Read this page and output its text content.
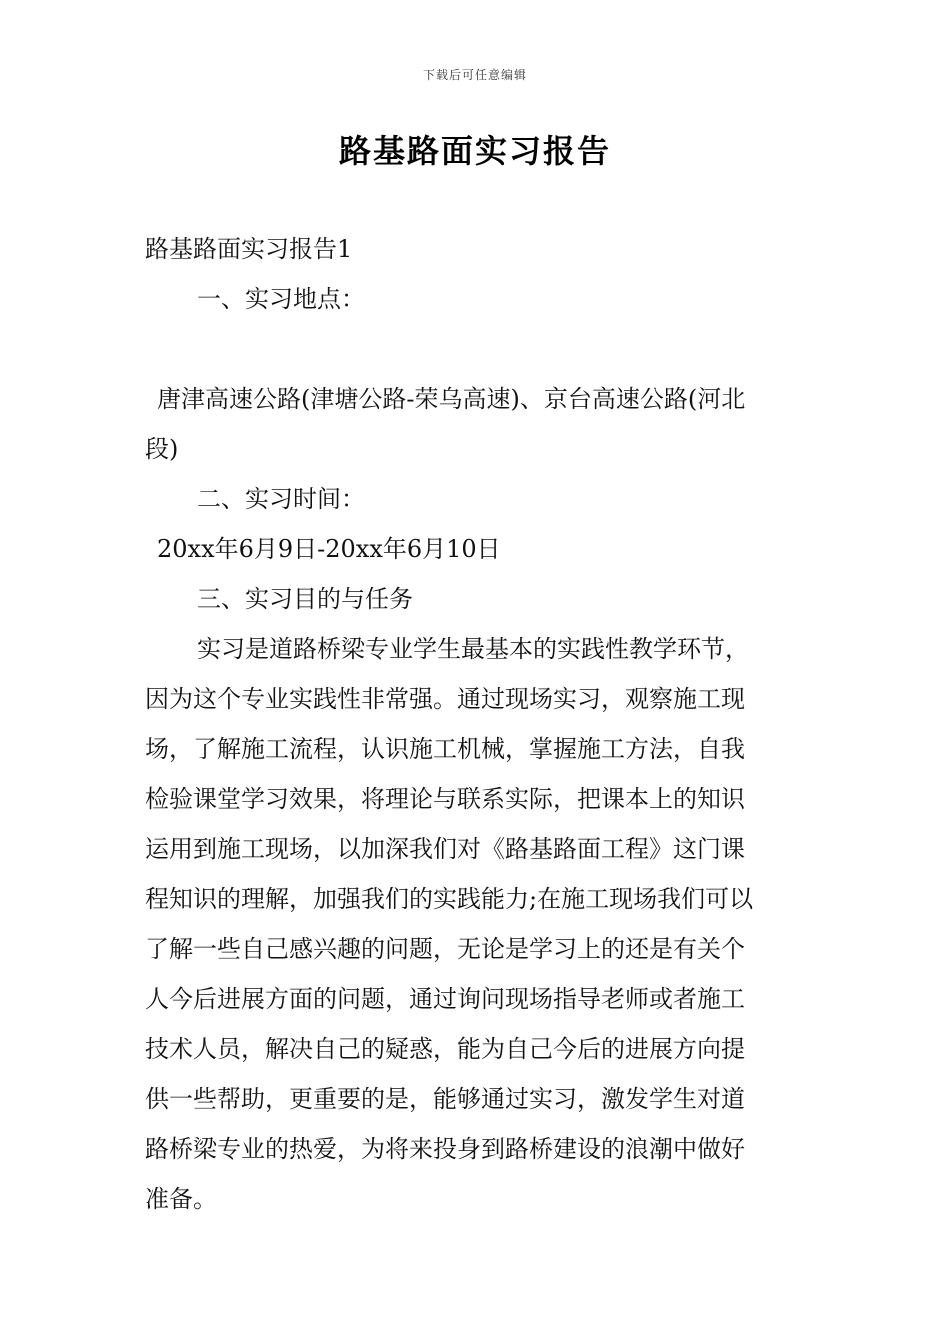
下载后可任意编辑
路基路面实习报告
路基路面实习报告1
一、实习地点：
唐津高速公路(津塘公路-荣乌高速)、京台高速公路(河北
段)
二、实习时间：
20xx年6月9日-20xx年6月10日
三、实习目的与任务
实习是道路桥梁专业学生最基本的实践性教学环节，
因为这个专业实践性非常强。通过现场实习，观察施工现
场，了解施工流程，认识施工机械，掌握施工方法，自我
检验课堂学习效果，将理论与联系实际，把课本上的知识
运用到施工现场，以加深我们对《路基路面工程》这门课
程知识的理解，加强我们的实践能力;在施工现场我们可以
了解一些自己感兴趣的问题，无论是学习上的还是有关个
人今后进展方面的问题，通过询问现场指导老师或者施工
技术人员，解决自己的疑惑，能为自己今后的进展方向提
供一些帮助，更重要的是，能够通过实习，激发学生对道
路桥梁专业的热爱，为将来投身到路桥建设的浪潮中做好
准备。
